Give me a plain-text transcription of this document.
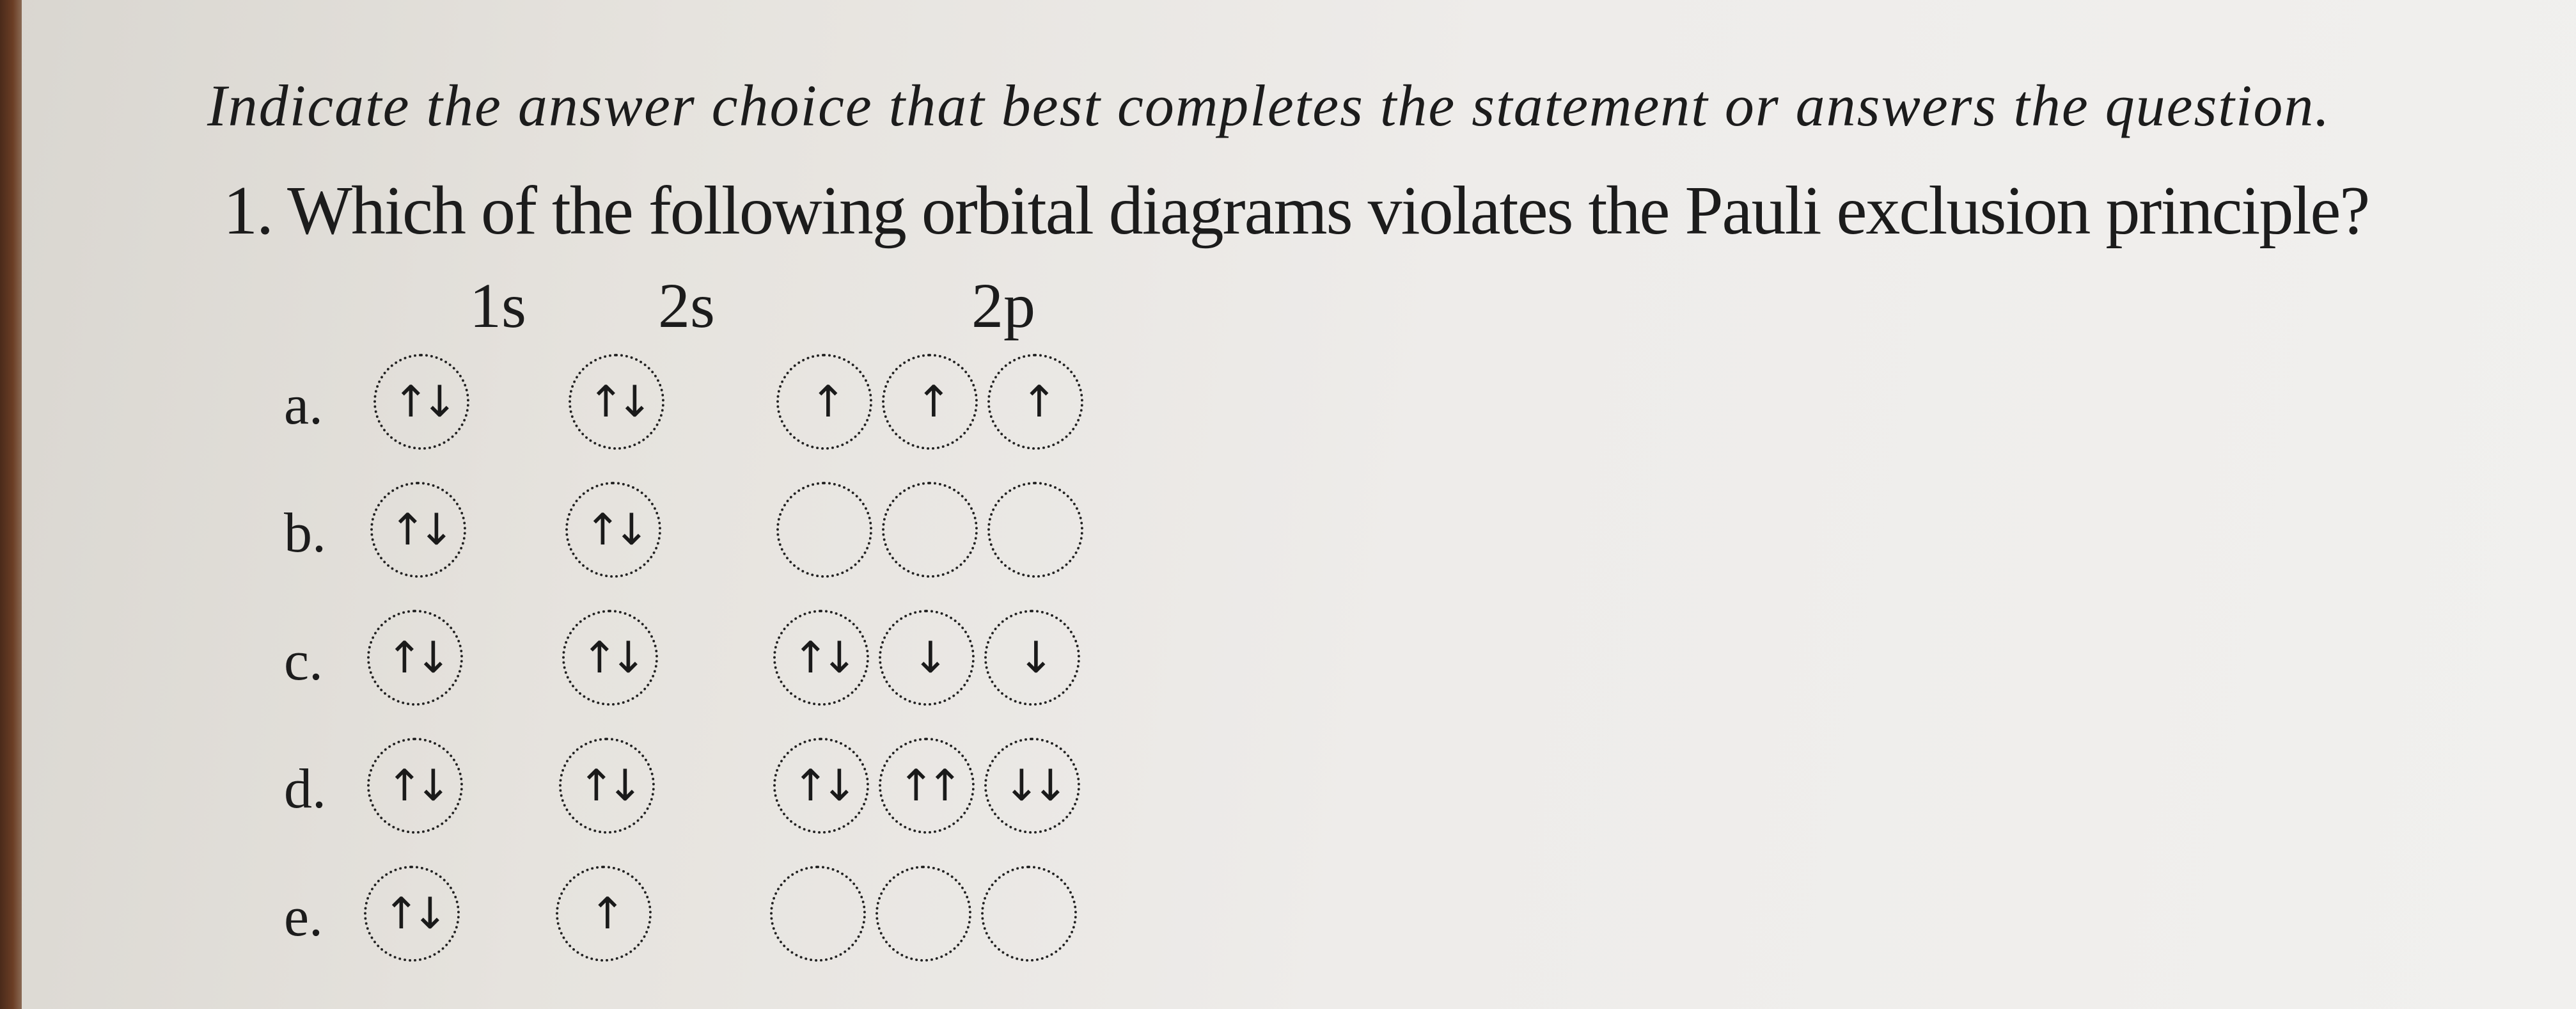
Indicate the answer choice that best completes the statement or answers the question.
1. Which of the following orbital diagrams violates the Pauli exclusion principle?
1s 2s	2p
a. ↑↓	↑↓	↑ ↑ ↑
b. ↑↓	↑↓
c. ↑↓	↑↓	↑↓ ↓ ↓
d. ↑↓	↑↓	↑↓ ↑↑ ↓↓
e. ↑↓	↑
